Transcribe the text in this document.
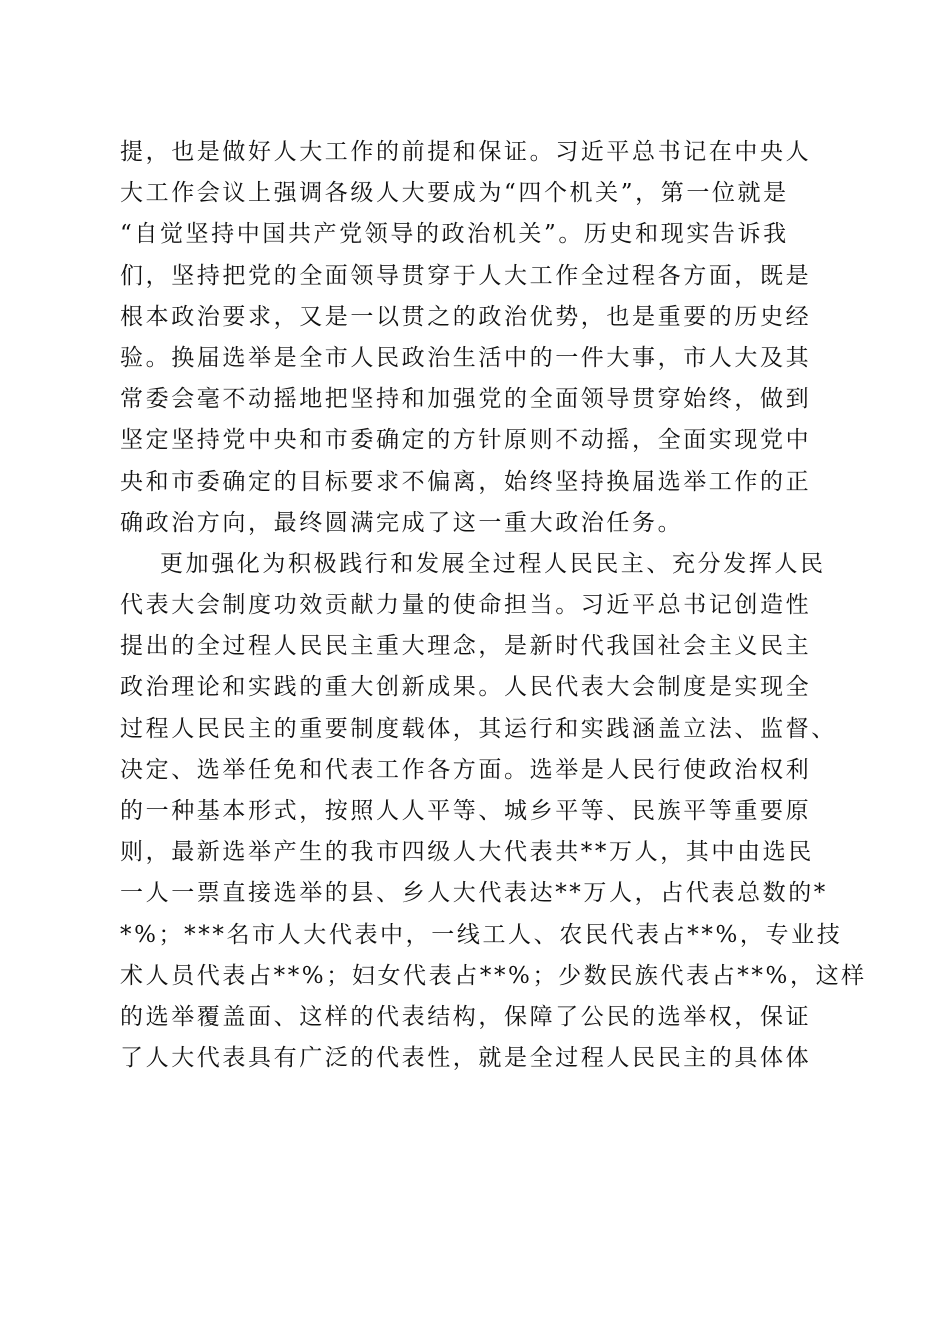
提，也是做好人大工作的前提和保证。习近平总书记在中央人
大工作会议上强调各级人大要成为“四个机关”，第一位就是
“自觉坚持中国共产党领导的政治机关”。历史和现实告诉我
们，坚持把党的全面领导贯穿于人大工作全过程各方面，既是
根本政治要求，又是一以贯之的政治优势，也是重要的历史经
验。换届选举是全市人民政治生活中的一件大事，市人大及其
常委会毫不动摇地把坚持和加强党的全面领导贯穿始终，做到
坚定坚持党中央和市委确定的方针原则不动摇，全面实现党中
央和市委确定的目标要求不偏离，始终坚持换届选举工作的正
确政治方向，最终圆满完成了这一重大政治任务。
更加强化为积极践行和发展全过程人民民主、充分发挥人民
代表大会制度功效贡献力量的使命担当。习近平总书记创造性
提出的全过程人民民主重大理念，是新时代我国社会主义民主
政治理论和实践的重大创新成果。人民代表大会制度是实现全
过程人民民主的重要制度载体，其运行和实践涵盖立法、监督、
决定、选举任免和代表工作各方面。选举是人民行使政治权利
的一种基本形式，按照人人平等、城乡平等、民族平等重要原
则，最新选举产生的我市四级人大代表共**万人，其中由选民
一人一票直接选举的县、乡人大代表达**万人，占代表总数的*
*%；***名市人大代表中，一线工人、农民代表占**%，专业技
术人员代表占**%；妇女代表占**%；少数民族代表占**%，这样
的选举覆盖面、这样的代表结构，保障了公民的选举权，保证
了人大代表具有广泛的代表性，就是全过程人民民主的具体体
